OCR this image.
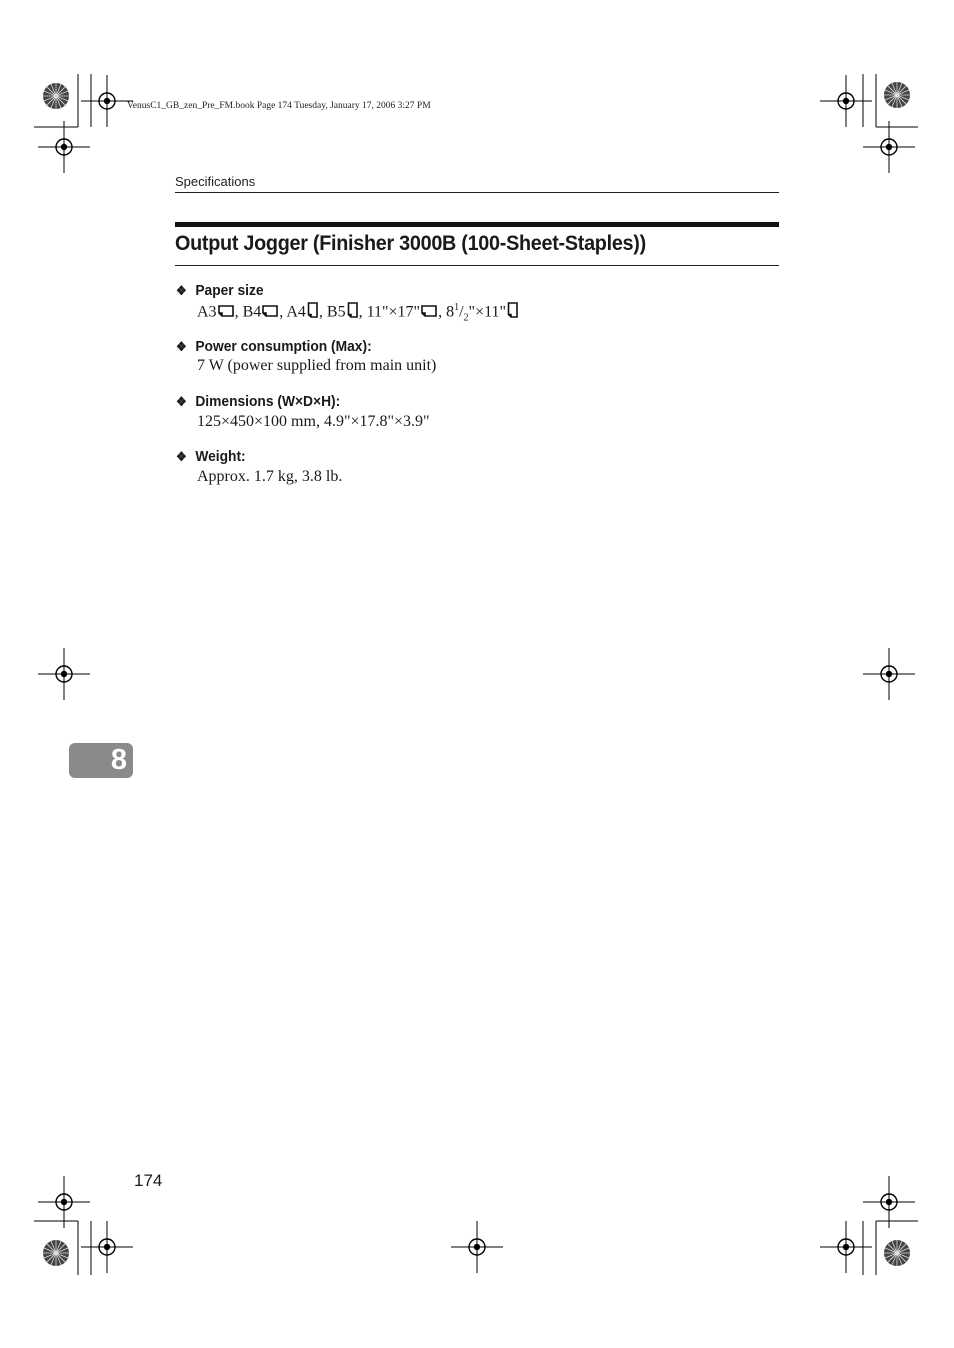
VenusC1_GB_zen_Pre_FM.book Page 174 Tuesday, January 17, 2006 3:27 PM
Specifications
Output Jogger (Finisher 3000B (100-Sheet-Staples))
❖ Paper size
A3 , B4 , A4 , B5 , 11"×17" , $8^1/_2"\times 11$"
❖ Power consumption (Max):
7 W (power supplied from main unit)
❖ Dimensions (W×D×H):
125×450×100 mm, 4.9"×17.8"×3.9"
❖ Weight:
Approx. 1.7 kg, 3.8 lb.
8
174
